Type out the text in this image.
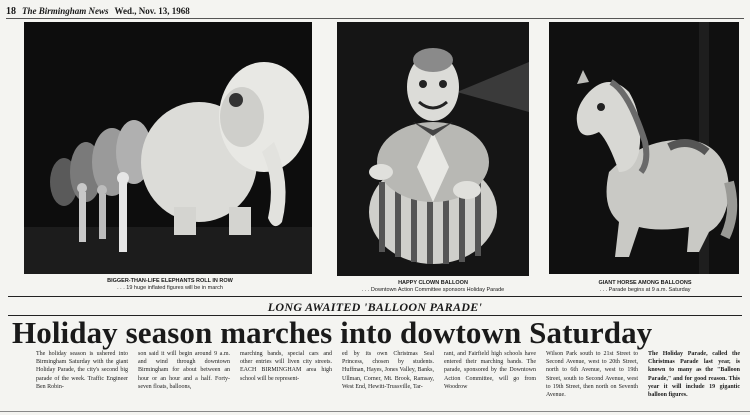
18 The Birmingham News Wed., Nov. 13, 1968
BIGGER-THAN-LIFE ELEPHANTS ROLL IN ROW
. . . 19 huge inflated figures will be in march
HAPPY CLOWN BALLOON
. . . Downtown Action Committee sponsors Holiday Parade
GIANT HORSE AMONG BALLOONS
. . . Parade begins at 9 a.m. Saturday
LONG AWAITED 'BALLOON PARADE'
Holiday season marches into dowtown Saturday
The holiday season is ushered into Birmingham Saturday with the giant Holiday Parade, the city's second big parade of the week. Traffic Engineer Ben Robin-
son said it will begin around 9 a.m. and wind through downtown Birmingham for about between an hour or an hour and a half. Forty-seven floats, balloons,
marching bands, special cars and other entries will liven city streets. EACH BIRMINGHAM area high school will be represent-
ed by its own Christmas Seal Princess, chosen by students. Huffman, Hayes, Jones Valley, Banks, Ullman, Corner, Mt. Brook, Ramsay, West End, Hewitt-Trussville, Tar-
rant, and Fairfield high schools have entered their marching bands. The parade, sponsored by the Downtown Action Committee, will go from Woodrow
Wilson Park south to 21st Street to Second Avenue, west to 20th Street, north to 6th Avenue, west to 19th Street, south to Second Avenue, west to 19th Street, then north on Seventh Avenue.
The Holiday Parade, called the Christmas Parade last year, is known to many as the "Balloon Parade," and for good reason. This year it will include 19 gigantic balloon figures.
